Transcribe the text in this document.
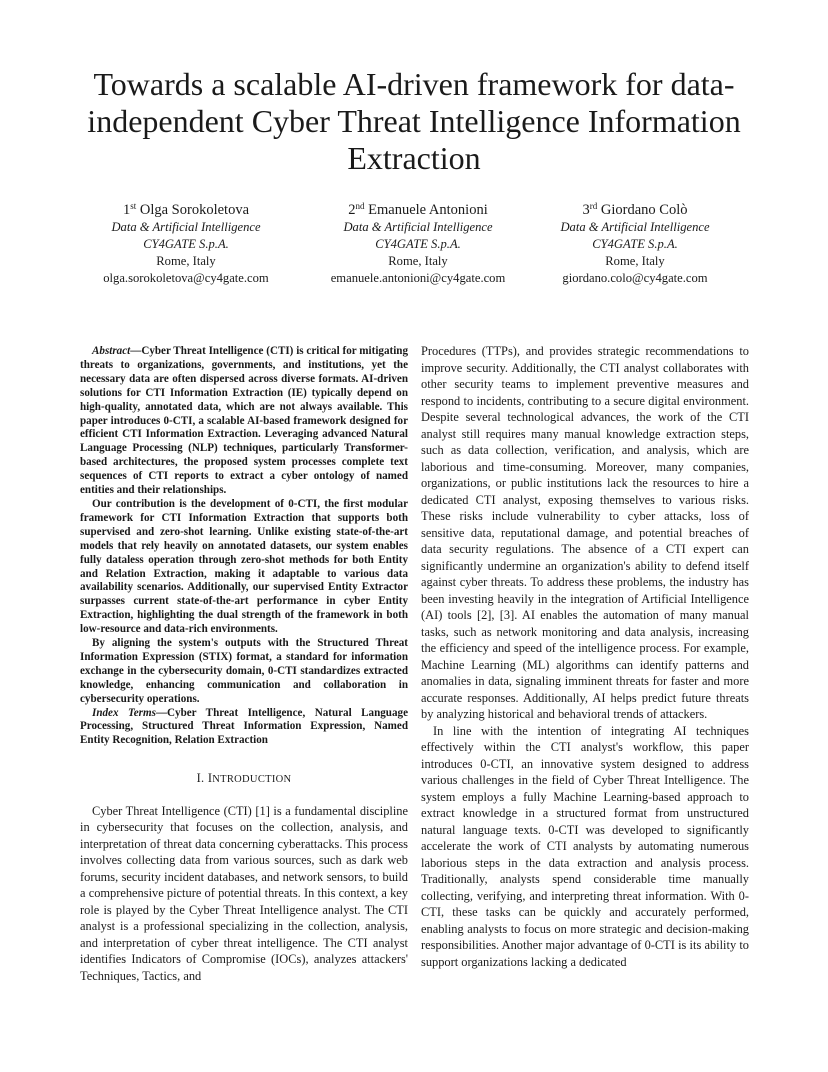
Towards a scalable AI-driven framework for data-independent Cyber Threat Intelligence Information Extraction
1st Olga Sorokoletova
Data & Artificial Intelligence
CY4GATE S.p.A.
Rome, Italy
olga.sorokoletova@cy4gate.com
2nd Emanuele Antonioni
Data & Artificial Intelligence
CY4GATE S.p.A.
Rome, Italy
emanuele.antonioni@cy4gate.com
3rd Giordano Colò
Data & Artificial Intelligence
CY4GATE S.p.A.
Rome, Italy
giordano.colo@cy4gate.com

Abstract—Cyber Threat Intelligence (CTI) is critical for mitigating threats to organizations, governments, and institutions, yet the necessary data are often dispersed across diverse formats. AI-driven solutions for CTI Information Extraction (IE) typically depend on high-quality, annotated data, which are not always available. This paper introduces 0-CTI, a scalable AI-based framework designed for efficient CTI Information Extraction. Leveraging advanced Natural Language Processing (NLP) techniques, particularly Transformer-based architectures, the proposed system processes complete text sequences of CTI reports to extract a cyber ontology of named entities and their relationships.

Our contribution is the development of 0-CTI, the first modular framework for CTI Information Extraction that supports both supervised and zero-shot learning. Unlike existing state-of-the-art models that rely heavily on annotated datasets, our system enables fully dataless operation through zero-shot methods for both Entity and Relation Extraction, making it adaptable to various data availability scenarios. Additionally, our supervised Entity Extractor surpasses current state-of-the-art performance in cyber Entity Extraction, highlighting the dual strength of the framework in both low-resource and data-rich environments.

By aligning the system's outputs with the Structured Threat Information Expression (STIX) format, a standard for information exchange in the cybersecurity domain, 0-CTI standardizes extracted knowledge, enhancing communication and collaboration in cybersecurity operations.

Index Terms—Cyber Threat Intelligence, Natural Language Processing, Structured Threat Information Expression, Named Entity Recognition, Relation Extraction

I. INTRODUCTION

Cyber Threat Intelligence (CTI) [1] is a fundamental discipline in cybersecurity that focuses on the collection, analysis, and interpretation of threat data concerning cyberattacks. This process involves collecting data from various sources, such as dark web forums, security incident databases, and network sensors, to build a comprehensive picture of potential threats. In this context, a key role is played by the Cyber Threat Intelligence analyst. The CTI analyst is a professional specializing in the collection, analysis, and interpretation of cyber threat intelligence. The CTI analyst identifies Indicators of Compromise (IOCs), analyzes attackers' Techniques, Tactics, and

Procedures (TTPs), and provides strategic recommendations to improve security. Additionally, the CTI analyst collaborates with other security teams to implement preventive measures and respond to incidents, contributing to a secure digital environment. Despite several technological advances, the work of the CTI analyst still requires many manual knowledge extraction steps, such as data collection, verification, and analysis, which are laborious and time-consuming. Moreover, many companies, organizations, or public institutions lack the resources to hire a dedicated CTI analyst, exposing themselves to various risks. These risks include vulnerability to cyber attacks, loss of sensitive data, reputational damage, and potential breaches of data security regulations. The absence of a CTI expert can significantly undermine an organization's ability to defend itself against cyber threats. To address these problems, the industry has been investing heavily in the integration of Artificial Intelligence (AI) tools [2], [3]. AI enables the automation of many manual tasks, such as network monitoring and data analysis, increasing the efficiency and speed of the intelligence process. For example, Machine Learning (ML) algorithms can identify patterns and anomalies in data, signaling imminent threats for faster and more accurate responses. Additionally, AI helps predict future threats by analyzing historical and behavioral trends of attackers.

In line with the intention of integrating AI techniques effectively within the CTI analyst's workflow, this paper introduces 0-CTI, an innovative system designed to address various challenges in the field of Cyber Threat Intelligence. The system employs a fully Machine Learning-based approach to extract knowledge in a structured format from unstructured natural language texts. 0-CTI was developed to significantly accelerate the work of CTI analysts by automating numerous laborious steps in the data extraction and analysis process. Traditionally, analysts spend considerable time manually collecting, verifying, and interpreting threat information. With 0-CTI, these tasks can be quickly and accurately performed, enabling analysts to focus on more strategic and decision-making responsibilities. Another major advantage of 0-CTI is its ability to support organizations lacking a dedicated
